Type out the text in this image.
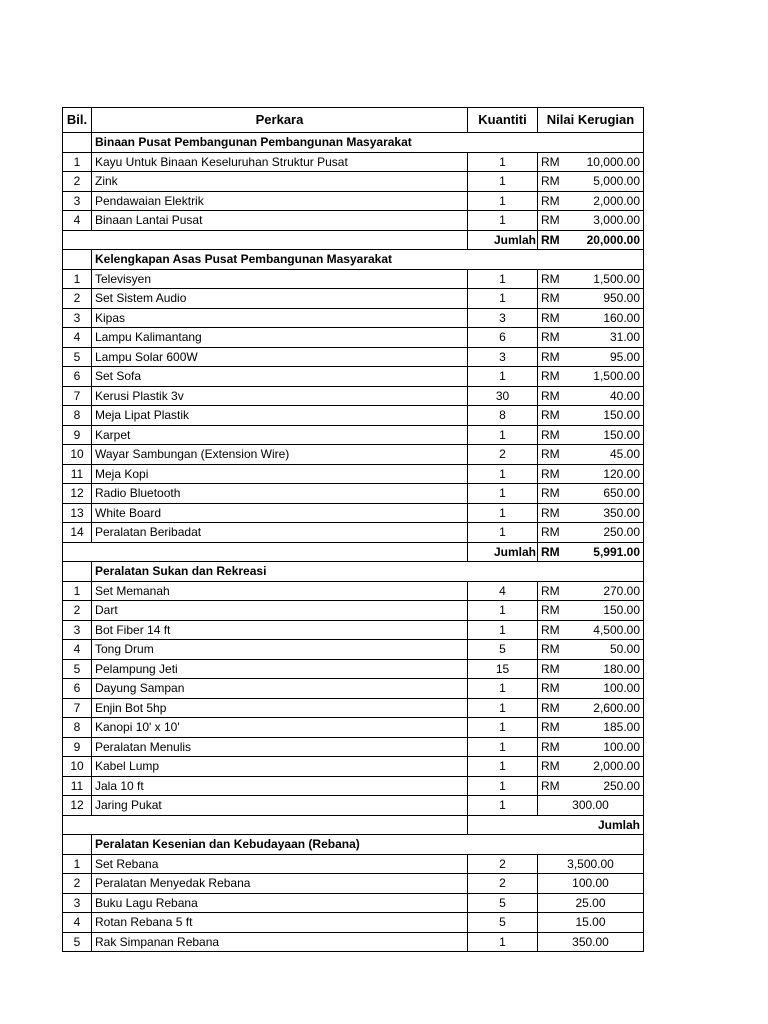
Bil.	Perkara	Kuantiti	Nilai Kerugian	
	Binaan Pusat Pembangunan Pembangunan Masyarakat			
1	Kayu Untuk Binaan Keseluruhan Struktur Pusat	1	RM	10,000.00
2	Zink	1	RM	5,000.00
3	Pendawaian Elektrik	1	RM	2,000.00
4	Binaan Lantai Pusat	1	RM	3,000.00
		Jumlah	RM	20,000.00
	Kelengkapan Asas Pusat Pembangunan Masyarakat			
1	Televisyen	1	RM	1,500.00
2	Set Sistem Audio	1	RM	950.00
3	Kipas	3	RM	160.00
4	Lampu Kalimantang	6	RM	31.00
5	Lampu Solar 600W	3	RM	95.00
6	Set Sofa	1	RM	1,500.00
7	Kerusi Plastik 3v	30	RM	40.00
8	Meja Lipat Plastik	8	RM	150.00
9	Karpet	1	RM	150.00
10	Wayar Sambungan (Extension Wire)	2	RM	45.00
11	Meja Kopi	1	RM	120.00
12	Radio Bluetooth	1	RM	650.00
13	White Board	1	RM	350.00
14	Peralatan Beribadat	1	RM	250.00
		Jumlah	RM	5,991.00
	Peralatan Sukan dan Rekreasi			
1	Set Memanah	4	RM	270.00
2	Dart	1	RM	150.00
3	Bot Fiber 14 ft	1	RM	4,500.00
4	Tong Drum	5	RM	50.00
5	Pelampung Jeti	15	RM	180.00
6	Dayung Sampan	1	RM	100.00
7	Enjin Bot 5hp	1	RM	2,600.00
8	Kanopi 10' x 10'	1	RM	185.00
9	Peralatan Menulis	1	RM	100.00
10	Kabel Lump	1	RM	2,000.00
11	Jala 10 ft	1	RM	250.00
12	Jaring Pukat	1	300.00	
		Jumlah		
	Peralatan Kesenian dan Kebudayaan (Rebana)			
1	Set Rebana	2	3,500.00	
2	Peralatan Menyedak Rebana	2	100.00	
3	Buku Lagu Rebana	5	25.00	
4	Rotan Rebana 5 ft	5	15.00	
5	Rak Simpanan Rebana	1	350.00	
